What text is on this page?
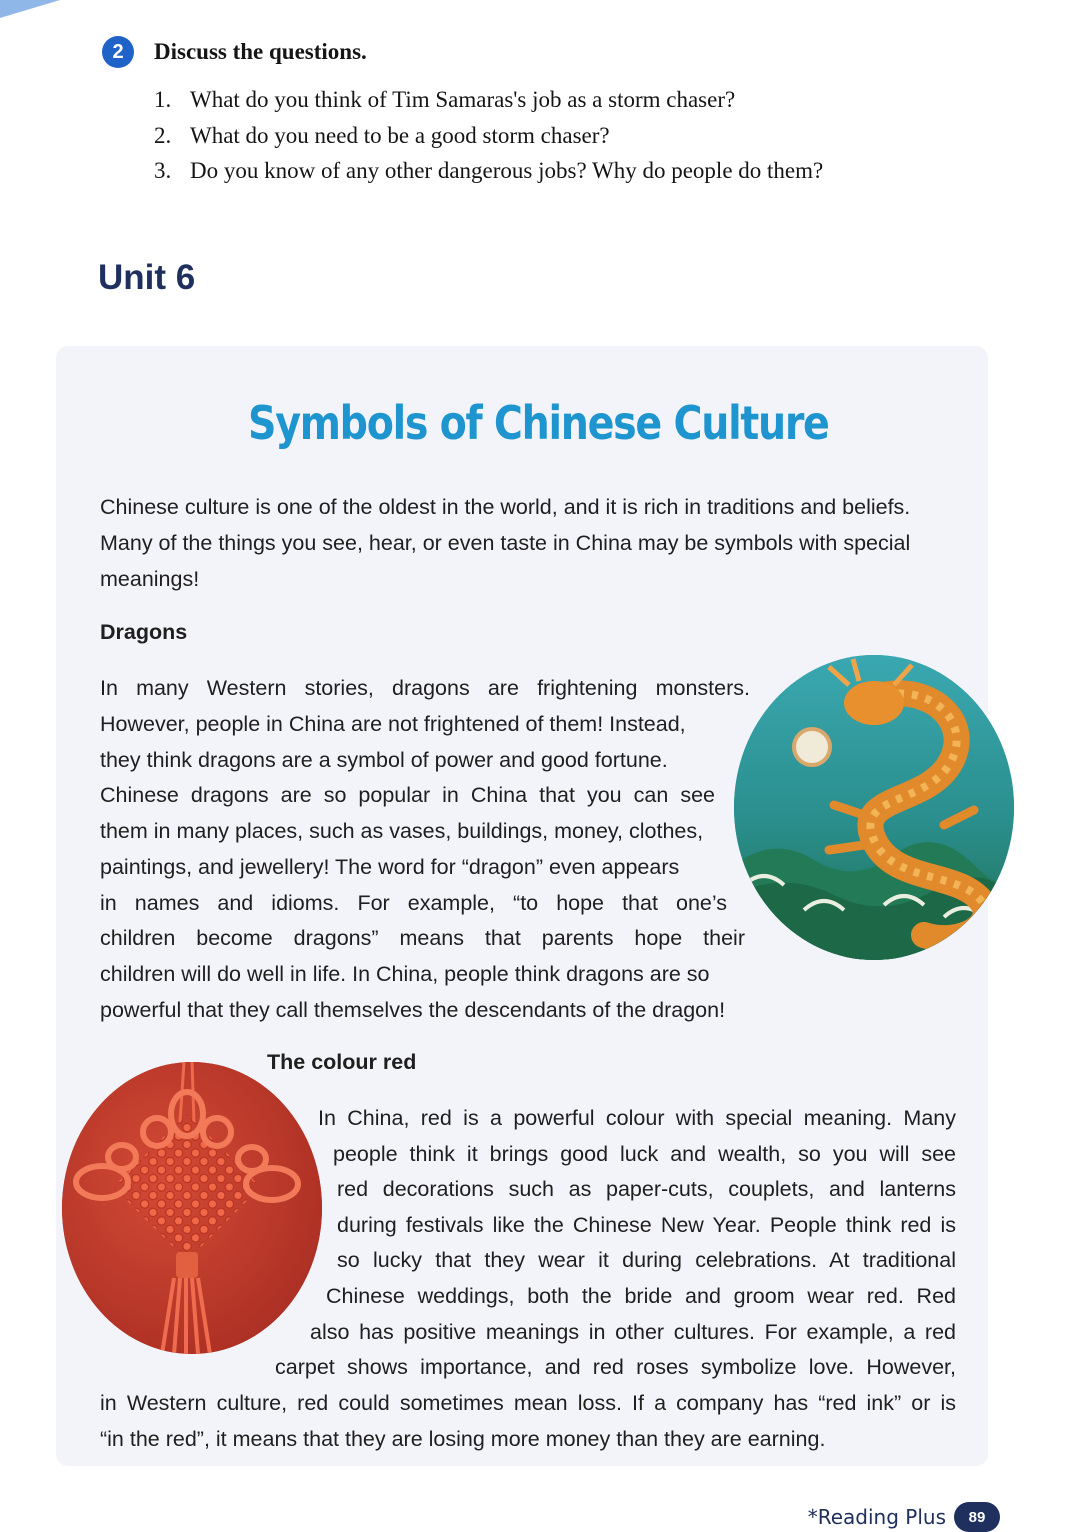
2	Discuss the questions.
1. What do you think of Tim Samaras's job as a storm chaser?
2. What do you need to be a good storm chaser?
3. Do you know of any other dangerous jobs? Why do people do them?
Unit 6
Symbols of Chinese Culture

Chinese culture is one of the oldest in the world, and it is rich in traditions and beliefs. Many of the things you see, hear, or even taste in China may be symbols with special meanings!

Dragons
In many Western stories, dragons are frightening monsters.
However, people in China are not frightened of them! Instead,
they think dragons are a symbol of power and good fortune.
Chinese dragons are so popular in China that you can see
them in many places, such as vases, buildings, money, clothes,
paintings, and jewellery! The word for “dragon” even appears
in names and idioms. For example, “to hope that one’s
children become dragons” means that parents hope their
children will do well in life. In China, people think dragons are so
powerful that they call themselves the descendants of the dragon!
The colour red
In China, red is a powerful colour with special meaning. Many
people think it brings good luck and wealth, so you will see
red decorations such as paper-cuts, couplets, and lanterns
during festivals like the Chinese New Year. People think red is
so lucky that they wear it during celebrations. At traditional
Chinese weddings, both the bride and groom wear red. Red
also has positive meanings in other cultures. For example, a red
carpet shows importance, and red roses symbolize love. However,
in Western culture, red could sometimes mean loss. If a company has “red ink” or is
“in the red”, it means that they are losing more money than they are earning.
*Reading Plus	89
